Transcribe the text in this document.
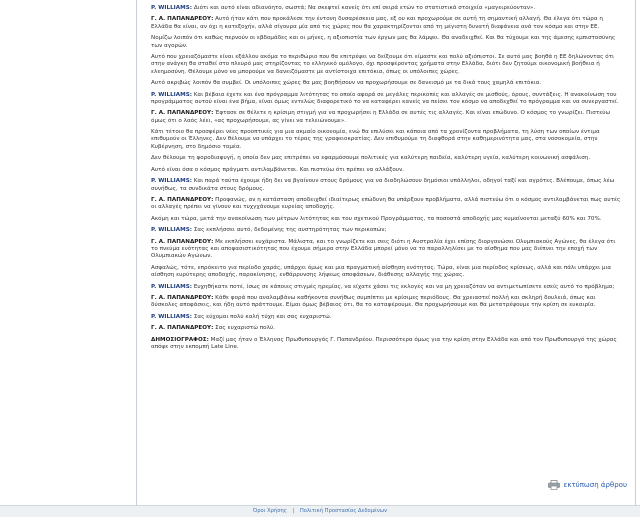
P. WILLIAMS: Διότι και αυτό είναι αδιανόητο, σωστά; Να σκεφτεί κανείς ότι επί σειρά ετών το στατιστικά στοιχεία «μαγειρεύονταν».

Γ. Α. ΠΑΠΑΝΔΡΕΟΥ: Αυτό ήταν κάτι που προκάλεσε την έντονη δυσαρέσκεια μας, εξ ου και προχωρούμε σε αυτή τη σημαντική αλλαγή. Θα έλεγα ότι τώρα η Ελλάδα θα είναι, αν όχι η κατεξοχήν, αλλά σίγουρα μία από τις χώρες που θα χαρακτηρίζονται από τη μέγιστη δυνατή διαφάνεια ανά τον κόσμο και στην ΕΕ.

Νομίζω λοιπόν ότι καθώς περνούν οι εβδομάδες και οι μήνες, η αξιοπιστία των έργων μας θα λάμψει. Θα αναδειχθεί. Και θα τύχουμε και της άμεσης εμπιστοσύνης των αγορών.

Αυτό που χρειαζόμαστε είναι εξάλλου ακόμα το περιθώριο που θα επιτρέψει να δείξουμε ότι είμαστε και πολύ αξιόπιστοι. Σε αυτό μας βοηθά η ΕΕ δηλώνοντας ότι στην ανάγκη θα σταθεί στο πλευρό μας στηρίζοντας το ελληνικό ομόλογο, όχι προσφέροντας χρήματα στην Ελλάδα, διότι δεν ζητούμε οικονομική βοήθεια ή ελεημοσύνη. Θέλουμε μόνο να μπορούμε να δανειζόμαστε με αντίστοιχα επιτόκια, όπως οι υπόλοιπες χώρες.

Αυτό ακριβώς λοιπόν θα συμβεί. Οι υπόλοιπες χώρες θα μας βοηθήσουν να προχωρήσουμε σε δανεισμό με τα δικά τους χαμηλά επιτόκια.

P. WILLIAMS: Και βέβαια έχετε και ένα πρόγραμμα λιτότητας το οποίο αφορά σε μεγάλες περικοπές και αλλαγές σε μισθούς, όρους, συντάξεις. Η ανακοίνωση του προγράμματος αυτού είναι ένα βήμα, είναι όμως εντελώς διαφορετικό το να καταφέρει κανείς να πείσει τον κόσμο να αποδεχθεί το πρόγραμμα και να συνεργαστεί.

Γ. Α. ΠΑΠΑΝΔΡΕΟΥ: Έφτασε σε θέλετε η κρίσιμη στιγμή για να προχωρήσει η Ελλάδα σε αυτές τις αλλαγές. Και είναι επώδυνο. Ο κόσμος το γνωρίζει. Πιστεύω όμως ότι ο λαός λέει, «ας προχωρήσουμε, ας γίνει να τελειώνουμε».

Κάτι τέτοιο θα προσφέρει νέες προοπτικές για μια ακμαίο οικονομία, ενώ θα επιλύσει και κάποια από τα χρονίζοντα προβλήματα, τη λύση των οποίων έντιμα επιθυμούν οι Έλληνες. Δεν θέλουμε να υπάρχει το τέρας της γραφειοκρατίας. Δεν επιθυμούμε τη διαφθορά στην καθημερινότητα μας, στα νοσοκομεία, στην Κυβέρνηση, στο δημόσιο τομέα.

Δεν θέλουμε τη φοροδιαφυγή, η οποία δεν μας επιτρέπει να εφαρμόσουμε πολιτικές για καλύτερη παιδεία, καλύτερη υγεία, καλύτερη κοινωνική ασφάλιση.

Αυτό είναι όσα ο κόσμος πράγματι αντιλαμβάνεται. Και πιστεύω ότι πρέπει να αλλάξουν.

P. WILLIAMS: Και παρά ταύτα έχουμε ήδη δει να βγαίνουν στους δρόμους για να διαδηλώσουν δημόσιοι υπάλληλοι, οδηγοί ταξί και αγρότες. Βλέπουμε, όπως λέω συνήθως, τα συνδικάτα στους δρόμους.

Γ. Α. ΠΑΠΑΝΔΡΕΟΥ: Προφανώς, αν η κατάσταση αποδειχθεί ιδιαίτερως επώδυνη θα υπάρξουν προβλήματα, αλλά πιστεύω ότι ο κόσμος αντιλαμβάνεται πως αυτές οι αλλαγές πρέπει να γίνουν και τυχγχάνουμε ευρείας αποδοχής.

Ακόμη και τώρα, μετά την ανακοίνωση των μέτρων λιτότητας και του σχετικού Προγράμματος, τα ποσοστά αποδοχής μας κυμαίνονται μεταξύ 60% και 70%.

P. WILLIAMS: Σας εκπλήσσει αυτό, δεδομένης της αυστηρότητας των περικοπών;

Γ. Α. ΠΑΠΑΝΔΡΕΟΥ: Με εκπλήσσει ευχάριστα. Μάλιστα, και το γνωρίζετε και σεις διότι η Αυστραλία έχει επίσης διοργανώσει Ολυμπιακούς Αγώνες, θα έλεγα ότι το πνεύμα ενότητας και αποφασιστικότητας που έχουμε σήμερα στην Ελλάδα μπορεί μόνο να το παραλληλίσει με το αίσθημα που μας διέπνει την εποχή των Ολυμπιακών Αγώνων.

Ασφαλώς, τότε, επρόκειτο για περίοδο χαράς, υπάρχει όμως και μια πραγματική αίσθηση ενότητας. Τώρα, είναι μια περίοδος κρίσεως, αλλά και πάλι υπάρχει μια αίσθηση ευρύτερης αποδοχής, παρακίνησης, ενθάρρυνσης λήψεως αποφάσεων, διάθεσης αλλαγής της χώρας.

P. WILLIAMS: Ευχηθήκατε ποτέ, ίσως σε κάποιες στιγμές ηρεμίας, να είχατε χάσει τις εκλογές και να μη χρειαζόταν να αντιμετωπίσετε εσείς αυτό το πρόβλημα;

Γ. Α. ΠΑΠΑΝΔΡΕΟΥ: Κάθε φορά που αναλαμβάνω καθήκοντα συνήθως συμπίπτει με κρίσιμες περιόδους. Θα χρειαστεί πολλή και σκληρή δουλειά, όπως και δύσκολες αποφάσεις, και ήδη αυτό πράττουμε. Είμαι όμως βέβαιος ότι, θα το καταφέρουμε. Θα προχωρήσουμε και θα μετατρέψουμε την κρίση σε ευκαιρία.

P. WILLIAMS: Σας εύχομαι πολύ καλή τύχη και σας ευχαριστώ.

Γ. Α. ΠΑΠΑΝΔΡΕΟΥ: Σας ευχαριστώ πολύ.

ΔΗΜΟΣΙΟΓΡΑΦΟΣ: Μαζί μας ήταν ο Έλληνας Πρωθυπουργός Γ. Παπανδρέου. Περισσότερα όμως για την κρίση στην Ελλάδα και από τον Πρωθυπουργό της χώρας απόψε στην εκπομπή Late Line.

εκτύπωση άρθρου
Όροι Χρήσης | Πολιτική Προστασίας Δεδομένων
